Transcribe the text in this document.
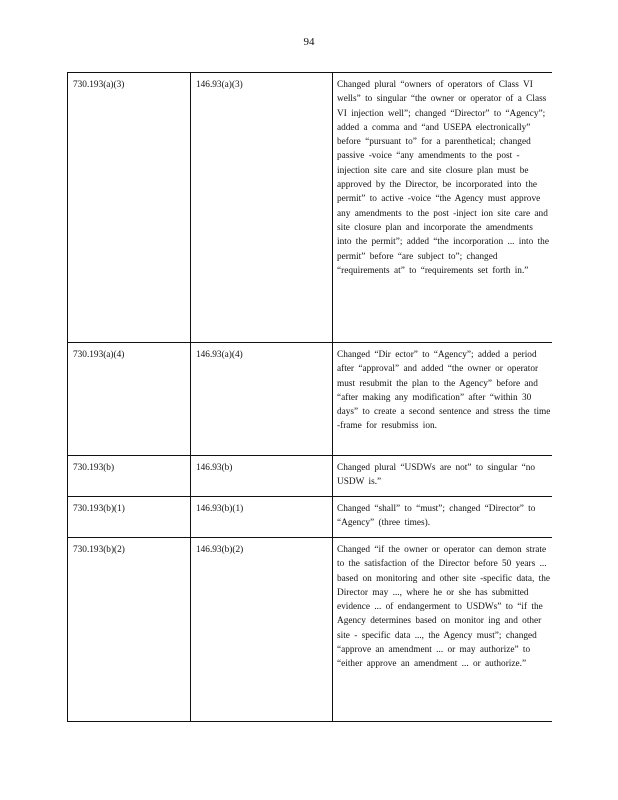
94
730.193(a)(3)	146.93(a)(3)	Changed plural “owners of operators of Class VI wells” to singular “the owner or operator of a Class VI injection well”; changed “Director” to “Agency”; added a comma and “and USEPA electronically” before “pursuant to” for a parenthetical; changed passive -voice “any amendments to the post -injection site care and site closure plan must be approved by the Director, be incorporated into the permit” to active -voice “the Agency must approve any amendments to the post -inject ion site care and site closure plan and incorporate the amendments into the permit”; added “the incorporation ... into the permit” before “are subject to”; changed “requirements at” to “requirements set forth in.”
730.193(a)(4)	146.93(a)(4)	Changed “Dir ector” to “Agency”; added a period after “approval” and added “the owner or operator must resubmit the plan to the Agency” before and “after making any modification” after “within 30 days” to create a second sentence and stress the time -frame for resubmiss ion.
730.193(b)	146.93(b)	Changed plural “USDWs are not” to singular “no USDW is.”
730.193(b)(1)	146.93(b)(1)	Changed “shall” to “must”; changed “Director” to “Agency” (three times).
730.193(b)(2)	146.93(b)(2)	Changed “if the owner or operator can demon strate to the satisfaction of the Director before 50 years ... based on monitoring and other site -specific data, the Director may ..., where he or she has submitted evidence ... of endangerment to USDWs” to “if the Agency determines based on monitor ing and other site - specific data ..., the Agency must”; changed “approve an amendment ... or may authorize” to “either approve an amendment ... or authorize.”
